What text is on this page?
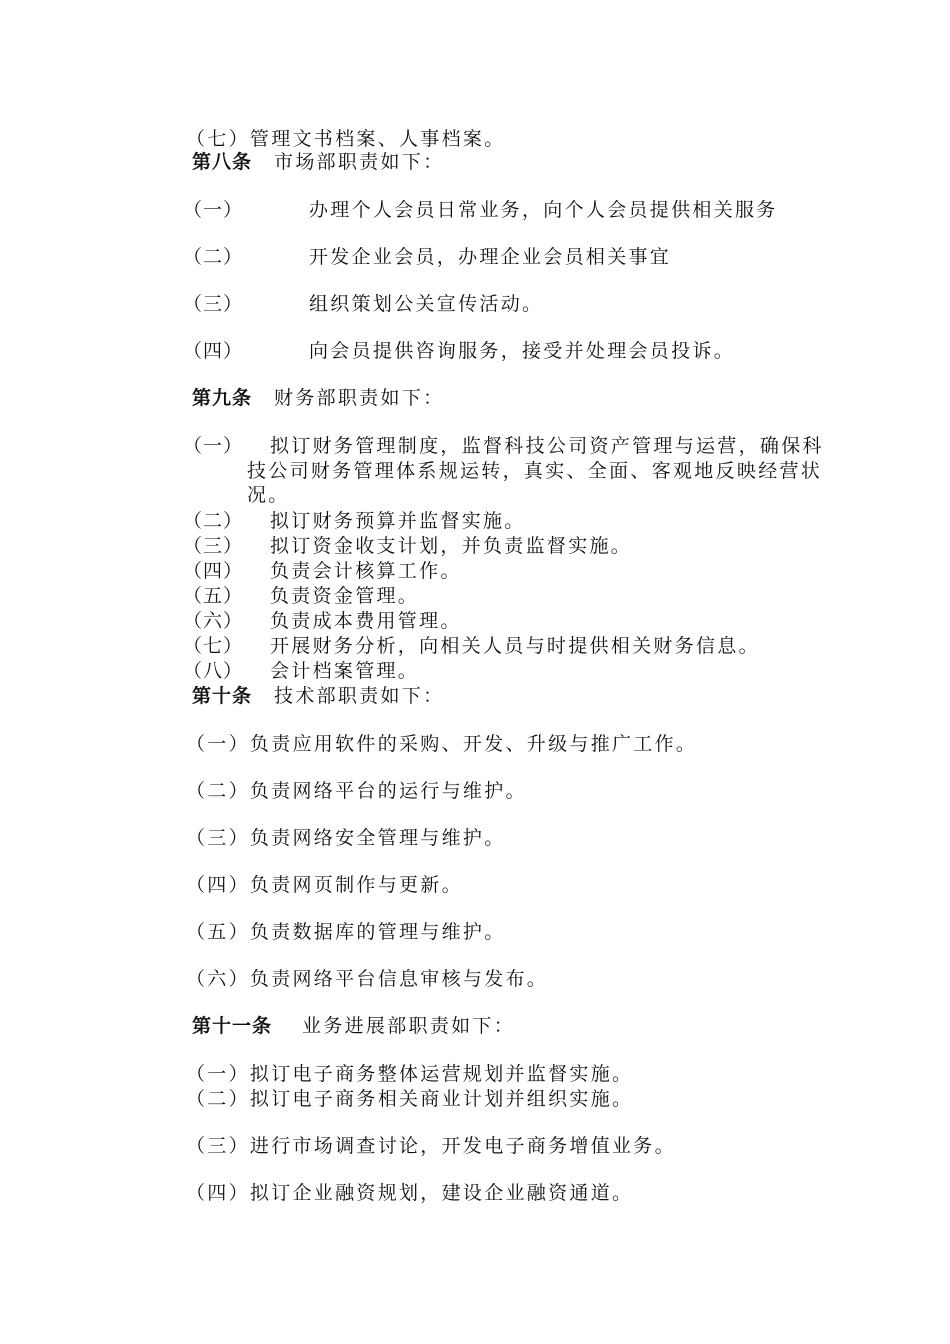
（七）管理文书档案、人事档案。
第八条 市场部职责如下：
（一）	办理个人会员日常业务，向个人会员提供相关服务
（二）	开发企业会员，办理企业会员相关事宜
（三）	组织策划公关宣传活动。
（四）	向会员提供咨询服务，接受并处理会员投诉。
第九条 财务部职责如下：
（一） 拟订财务管理制度，监督科技公司资产管理与运营，确保科
技公司财务管理体系规运转，真实、全面、客观地反映经营状
况。
（二） 拟订财务预算并监督实施。
（三） 拟订资金收支计划，并负责监督实施。
（四） 负责会计核算工作。
（五） 负责资金管理。
（六） 负责成本费用管理。
（七） 开展财务分析，向相关人员与时提供相关财务信息。
（八） 会计档案管理。
第十条 技术部职责如下：
（一）负责应用软件的采购、开发、升级与推广工作。
（二）负责网络平台的运行与维护。
（三）负责网络安全管理与维护。
（四）负责网页制作与更新。
（五）负责数据库的管理与维护。
（六）负责网络平台信息审核与发布。
第十一条 业务进展部职责如下：
（一）拟订电子商务整体运营规划并监督实施。
（二）拟订电子商务相关商业计划并组织实施。
（三）进行市场调查讨论，开发电子商务增值业务。
（四）拟订企业融资规划，建设企业融资通道。
